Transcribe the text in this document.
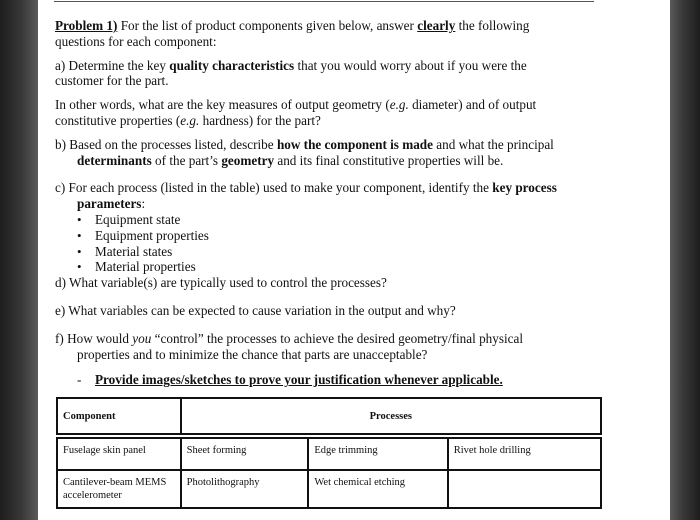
Problem 1) For the list of product components given below, answer clearly the following

questions for each component:

a) Determine the key quality characteristics that you would worry about if you were the

customer for the part.

In other words, what are the key measures of output geometry (e.g. diameter) and of output

constitutive properties (e.g. hardness) for the part?

b) Based on the processes listed, describe how the component is made and what the principal

determinants of the part’s geometry and its final constitutive properties will be.

c) For each process (listed in the table) used to make your component, identify the key process

parameters:

• Equipment state
• Equipment properties
• Material states
• Material properties

d) What variable(s) are typically used to control the processes?

e) What variables can be expected to cause variation in the output and why?

f) How would you “control” the processes to achieve the desired geometry/final physical

properties and to minimize the chance that parts are unacceptable?

- Provide images/sketches to prove your justification whenever applicable.

Component	Processes		

Fuselage skin panel	Sheet forming	Edge trimming	Rivet hole drilling
Cantilever-beam MEMS accelerometer	Photolithography	Wet chemical etching	
